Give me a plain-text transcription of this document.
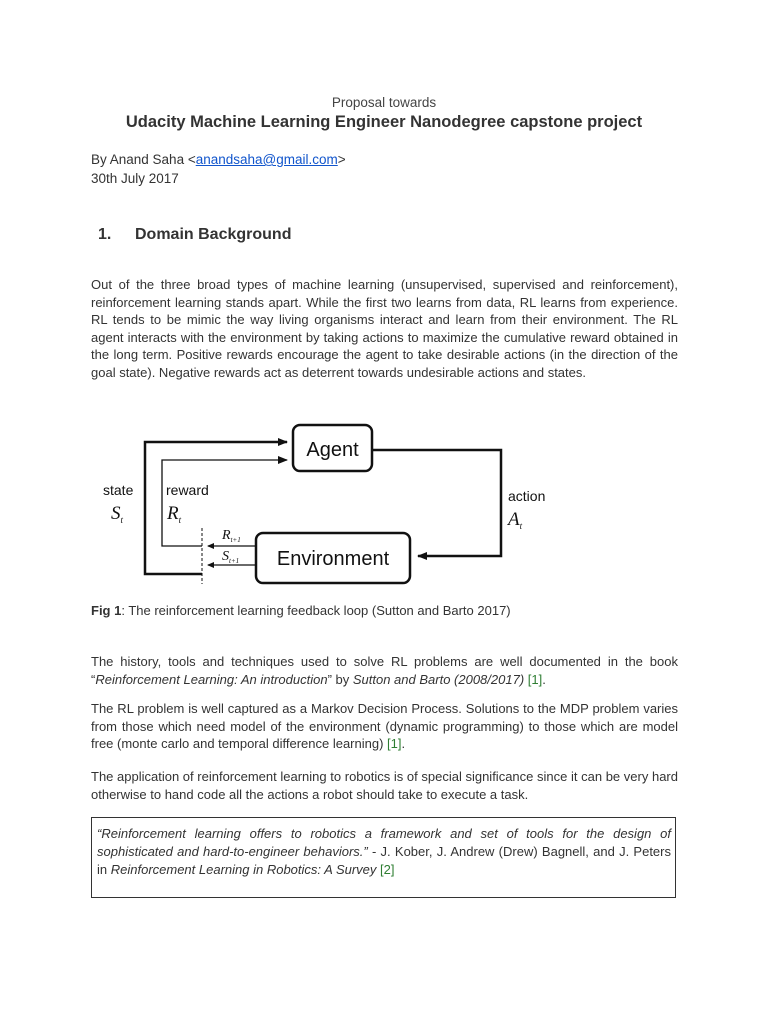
Proposal towards
Udacity Machine Learning Engineer Nanodegree capstone project
By Anand Saha <anandsaha@gmail.com>
30th July 2017
1. Domain Background
Out of the three broad types of machine learning (unsupervised, supervised and reinforcement), reinforcement learning stands apart. While the first two learns from data, RL learns from experience. RL tends to be mimic the way living organisms interact and learn from their environment. The RL agent interacts with the environment by taking actions to maximize the cumulative reward obtained in the long term. Positive rewards encourage the agent to take desirable actions (in the direction of the goal state). Negative rewards act as deterrent towards undesirable actions and states.
Agent
Environment
state
$S_t$
reward
$R_t$
action
$A_t$
$R_{t+1}$
$S_{t+1}$
Fig 1: The reinforcement learning feedback loop (Sutton and Barto 2017)
The history, tools and techniques used to solve RL problems are well documented in the book “Reinforcement Learning: An introduction” by Sutton and Barto (2008/2017) [1].
The RL problem is well captured as a Markov Decision Process. Solutions to the MDP problem varies from those which need model of the environment (dynamic programming) to those which are model free (monte carlo and temporal difference learning) [1].
The application of reinforcement learning to robotics is of special significance since it can be very hard otherwise to hand code all the actions a robot should take to execute a task.
“Reinforcement learning offers to robotics a framework and set of tools for the design of sophisticated and hard-to-engineer behaviors.” - J. Kober, J. Andrew (Drew) Bagnell, and J. Peters in Reinforcement Learning in Robotics: A Survey [2]
